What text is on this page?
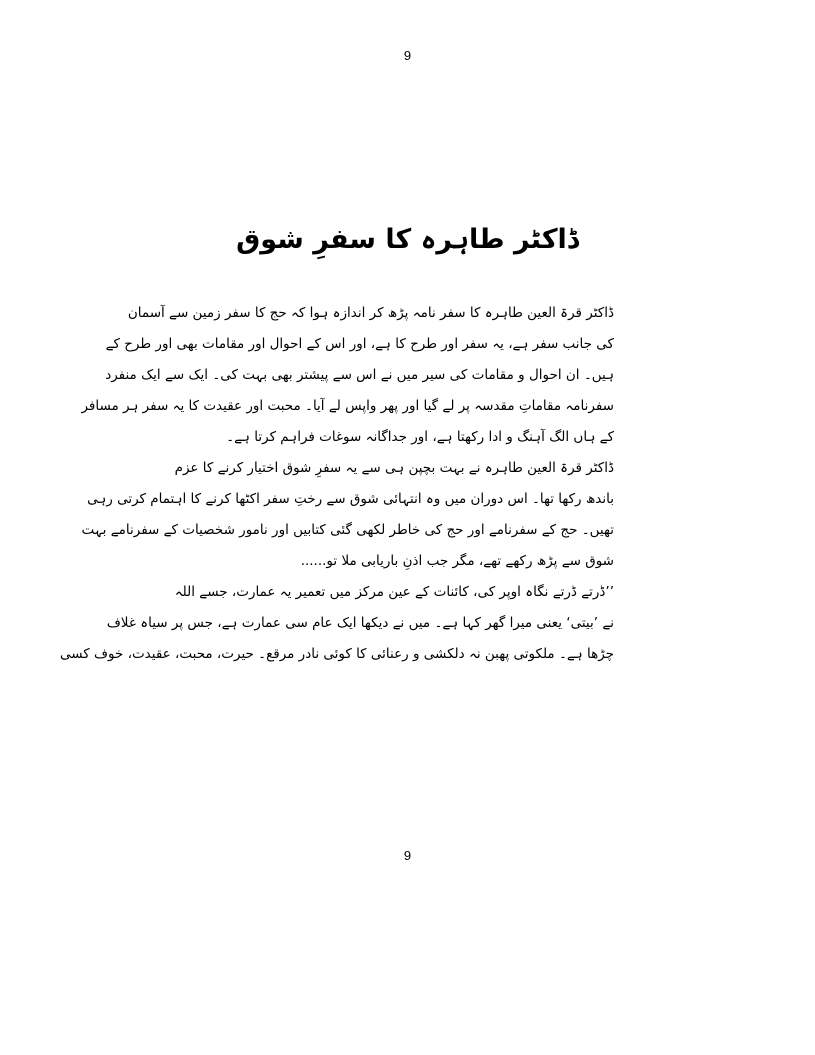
9
ڈاکٹر طاہرہ کا سفرِ شوق
ڈاکٹر قرۃ العین طاہرہ کا سفر نامہ پڑھ کر اندازہ ہوا کہ حج کا سفر زمین سے آسمان
کی جانب سفر ہے، یہ سفر اور طرح کا ہے، اور اس کے احوال اور مقامات بھی اور طرح کے
ہیں۔ ان احوال و مقامات کی سیر میں نے اس سے پیشتر بھی بہت کی۔ ایک سے ایک منفرد
سفرنامہ مقاماتِ مقدسہ پر لے گیا اور پھر واپس لے آیا۔ محبت اور عقیدت کا یہ سفر ہر مسافر
کے ہاں الگ آہنگ و ادا رکھتا ہے، اور جداگانہ سوغات فراہم کرتا ہے۔
ڈاکٹر قرۃ العین طاہرہ نے بہت بچپن ہی سے یہ سفرِ شوق اختیار کرنے کا عزم
باندھ رکھا تھا۔ اس دوران میں وہ انتہائی شوق سے رختِ سفر اکٹھا کرنے کا اہتمام کرتی رہی
تھیں۔ حج کے سفرنامے اور حج کی خاطر لکھی گئی کتابیں اور نامور شخصیات کے سفرنامے بہت
شوق سے پڑھ رکھے تھے، مگر جب اذنِ باریابی ملا تو......
’’ڈرتے ڈرتے نگاہ اوپر کی، کائنات کے عین مرکز میں تعمیر یہ عمارت، جسے اللہ
نے ’بیتی‘ یعنی میرا گھر کہا ہے۔ میں نے دیکھا ایک عام سی عمارت ہے، جس پر سیاہ غلاف
چڑھا ہے۔ ملکوتی پھبن نہ دلکشی و رعنائی کا کوئی نادر مرقع۔ حیرت، محبت، عقیدت، خوف کسی
9
